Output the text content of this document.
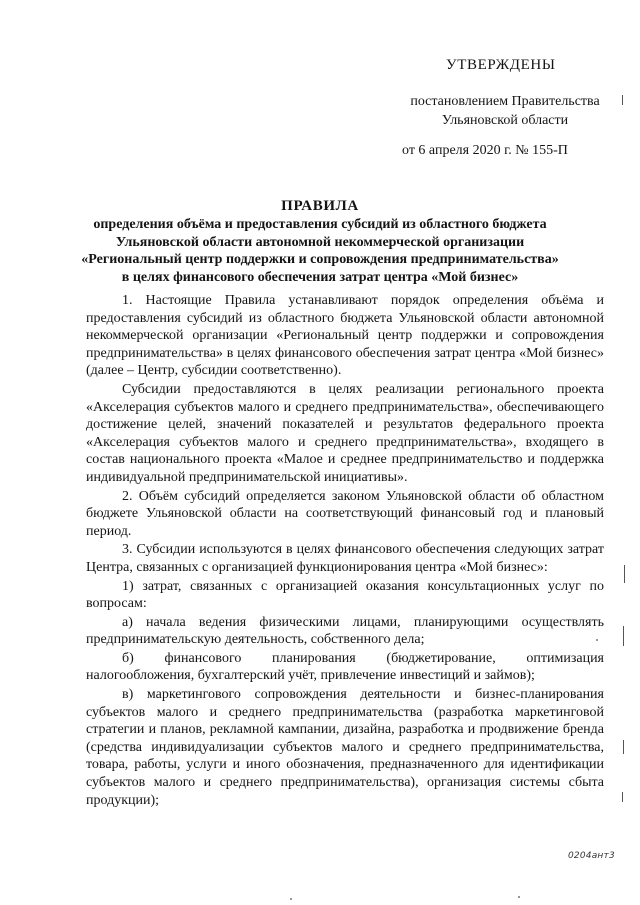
УТВЕРЖДЕНЫ
постановлением Правительства
Ульяновской области
от 6 апреля 2020 г. № 155-П
ПРАВИЛА
определения объёма и предоставления субсидий из областного бюджета
Ульяновской области автономной некоммерческой организации
«Региональный центр поддержки и сопровождения предпринимательства»
в целях финансового обеспечения затрат центра «Мой бизнес»

1. Настоящие Правила устанавливают порядок определения объёма и предоставления субсидий из областного бюджета Ульяновской области автономной некоммерческой организации «Региональный центр поддержки и сопровождения предпринимательства» в целях финансового обеспечения затрат центра «Мой бизнес» (далее – Центр, субсидии соответственно).

Субсидии предоставляются в целях реализации регионального проекта «Акселерация субъектов малого и среднего предпринимательства», обеспечивающего достижение целей, значений показателей и результатов федерального проекта «Акселерация субъектов малого и среднего предпринимательства», входящего в состав национального проекта «Малое и среднее предпринимательство и поддержка индивидуальной предпринимательской инициативы».

2. Объём субсидий определяется законом Ульяновской области об областном бюджете Ульяновской области на соответствующий финансовый год и плановый период.

3. Субсидии используются в целях финансового обеспечения следующих затрат Центра, связанных с организацией функционирования центра «Мой бизнес»:

1) затрат, связанных с организацией оказания консультационных услуг по вопросам:

а) начала ведения физическими лицами, планирующими осуществлять предпринимательскую деятельность, собственного дела;

б) финансового планирования (бюджетирование, оптимизация налогообложения, бухгалтерский учёт, привлечение инвестиций и займов);

в) маркетингового сопровождения деятельности и бизнес-планирования субъектов малого и среднего предпринимательства (разработка маркетинговой стратегии и планов, рекламной кампании, дизайна, разработка и продвижение бренда (средства индивидуализации субъектов малого и среднего предпринимательства, товара, работы, услуги и иного обозначения, предназначенного для идентификации субъектов малого и среднего предпринимательства), организация системы сбыта продукции);

0204ант3
